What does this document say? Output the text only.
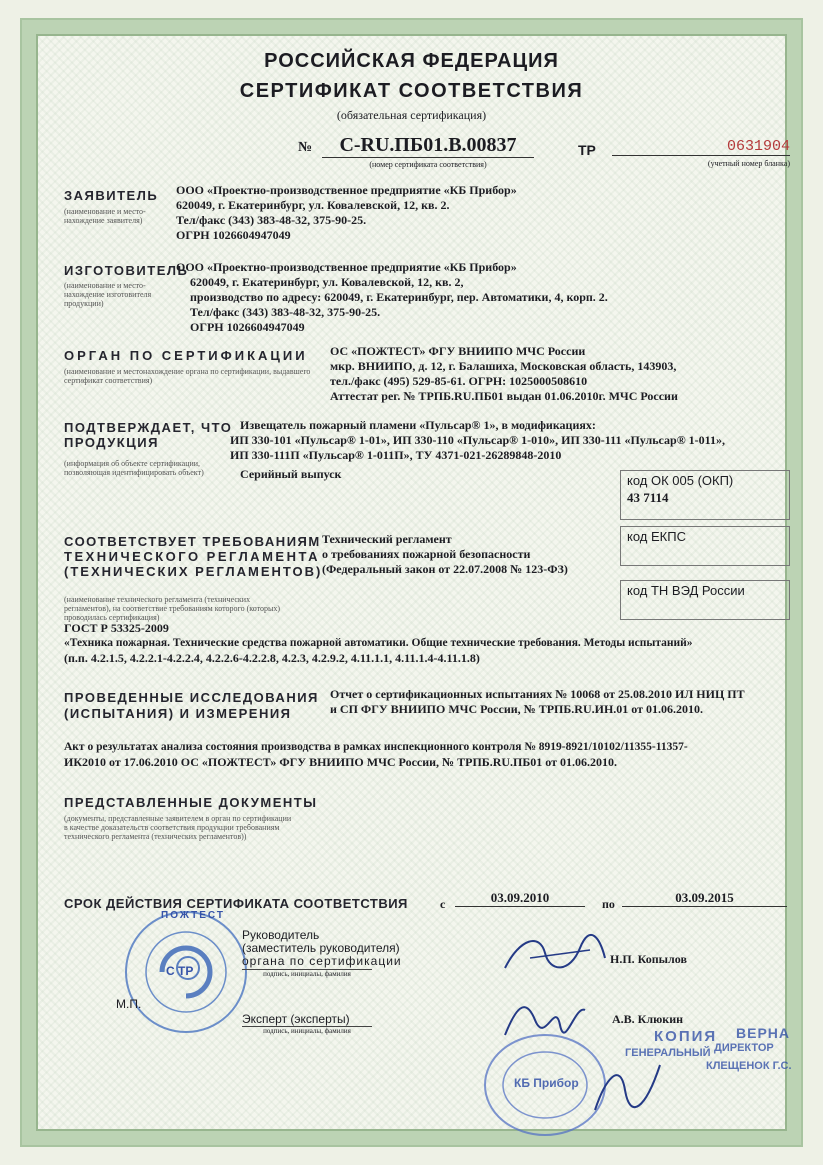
РОССИЙСКАЯ ФЕДЕРАЦИЯ
СЕРТИФИКАТ СООТВЕТСТВИЯ
(обязательная сертификация)
№	C-RU.ПБ01.В.00837
(номер сертификата соответствия)
ТР	0631904
(учетный номер бланка)
ЗАЯВИТЕЛЬ
(наименование и место-нахождение заявителя)
ООО «Проектно-производственное предприятие «КБ Прибор»
620049, г. Екатеринбург, ул. Ковалевской, 12, кв. 2.
Тел/факс (343) 383-48-32, 375-90-25.
ОГРН 1026604947049
ИЗГОТОВИТЕЛЬ
(наименование и место-нахождение изготовителя продукции)
ООО «Проектно-производственное предприятие «КБ Прибор»
620049, г. Екатеринбург, ул. Ковалевской, 12, кв. 2,
производство по адресу: 620049, г. Екатеринбург, пер. Автоматики, 4, корп. 2.
Тел/факс (343) 383-48-32, 375-90-25.
ОГРН 1026604947049
ОРГАН ПО СЕРТИФИКАЦИИ
(наименование и местонахождение органа по сертификации, выдавшего сертификат соответствия)
ОС «ПОЖТЕСТ» ФГУ ВНИИПО МЧС России
мкр. ВНИИПО, д. 12, г. Балашиха, Московская область, 143903,
тел./факс (495) 529-85-61. ОГРН: 1025000508610
Аттестат рег. № ТРПБ.RU.ПБ01 выдан 01.06.2010г. МЧС России
ПОДТВЕРЖДАЕТ, ЧТО
ПРОДУКЦИЯ
(информация об объекте сертификации, позволяющая идентифицировать объект)
Извещатель пожарный пламени «Пульсар® 1», в модификациях:
ИП 330-101 «Пульсар® 1-01», ИП 330-110 «Пульсар® 1-010», ИП 330-111 «Пульсар® 1-011»,
ИП 330-111П «Пульсар® 1-011П», ТУ 4371-021-26289848-2010
Серийный выпуск	код ОК 005 (ОКП)
43 7114
код ЕКПС
код ТН ВЭД России
СООТВЕТСТВУЕТ ТРЕБОВАНИЯМ
ТЕХНИЧЕСКОГО РЕГЛАМЕНТА
(ТЕХНИЧЕСКИХ РЕГЛАМЕНТОВ)
Технический регламент
о требованиях пожарной безопасности
(Федеральный закон от 22.07.2008 № 123-ФЗ)
(наименование технического регламента (технических регламентов), на соответствие требованиям которого (которых) проводилась сертификация)
ГОСТ Р 53325-2009
«Техника пожарная. Технические средства пожарной автоматики. Общие технические требования. Методы испытаний»
(п.п. 4.2.1.5, 4.2.2.1-4.2.2.4, 4.2.2.6-4.2.2.8, 4.2.3, 4.2.9.2, 4.11.1.1, 4.11.1.4-4.11.1.8)
ПРОВЕДЕННЫЕ ИССЛЕДОВАНИЯ
(ИСПЫТАНИЯ) И ИЗМЕРЕНИЯ
Отчет о сертификационных испытаниях № 10068 от 25.08.2010 ИЛ НИЦ ПТ
и СП ФГУ ВНИИПО МЧС России, № ТРПБ.RU.ИН.01 от 01.06.2010.
Акт о результатах анализа состояния производства в рамках инспекционного контроля № 8919-8921/10102/11355-11357-
ИК2010 от 17.06.2010 ОС «ПОЖТЕСТ» ФГУ ВНИИПО МЧС России, № ТРПБ.RU.ПБ01 от 01.06.2010.
ПРЕДСТАВЛЕННЫЕ ДОКУМЕНТЫ
(документы, представленные заявителем в орган по сертификации в качестве доказательств соответствия продукции требованиям технического регламента (технических регламентов))
СРОК ДЕЙСТВИЯ СЕРТИФИКАТА СООТВЕТСТВИЯ	с	03.09.2010	по	03.09.2015
ПОЖТЕСТ
С ТР
Руководитель
(заместитель руководителя)
органа по сертификации
подпись, инициалы, фамилия
Н.П. Копылов
М.П.
Эксперт (эксперты)
подпись, инициалы, фамилия
А.В. Клюкин
КБ Прибор
КОПИЯ ВЕРНА
ГЕНЕРАЛЬНЫЙ ДИРЕКТОР
КЛЕЩЕНОК Г.С.
